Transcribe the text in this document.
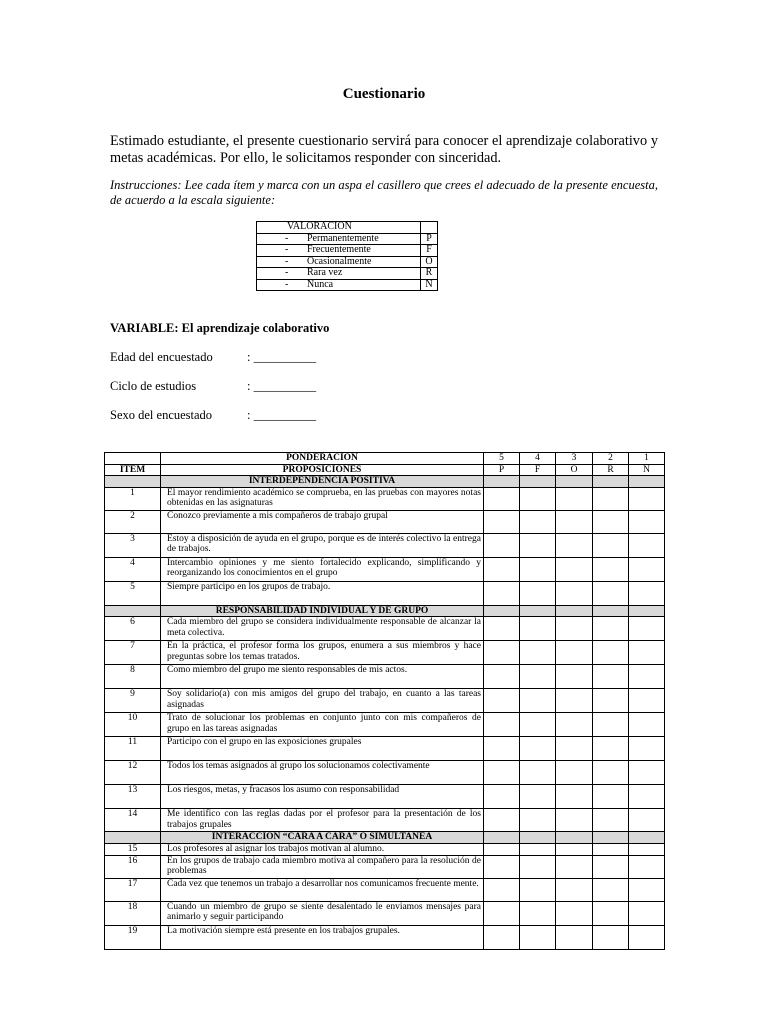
Cuestionario
Estimado estudiante, el presente cuestionario servirá para conocer el aprendizaje colaborativo y metas académicas. Por ello, le solicitamos responder con sinceridad.
Instrucciones: Lee cada ítem y marca con un aspa el casillero que crees el adecuado de la presente encuesta, de acuerdo a la escala siguiente:
VALORACION	
- Permanentemente	P
- Frecuentemente	F
- Ocasionalmente	O
- Rara vez	R
- Nunca	N
VARIABLE: El aprendizaje colaborativo
Edad del encuestado	: __________
Ciclo de estudios	: __________
Sexo del encuestado	: __________
	PONDERACION	5	4	3	2	1
ITEM	PROPOSICIONES	P	F	O	R	N
	INTERDEPENDENCIA POSITIVA					
1	El mayor rendimiento académico se comprueba, en las pruebas con mayores notas obtenidas en las asignaturas					
2	Conozco previamente a mis compañeros de trabajo grupal					
3	Estoy a disposición de ayuda en el grupo, porque es de interés colectivo la entrega de trabajos.					
4	Intercambio opiniones y me siento fortalecido explicando, simplificando y reorganizando los conocimientos en el grupo					
5	Siempre participo en los grupos de trabajo.					
	RESPONSABILIDAD INDIVIDUAL Y DE GRUPO					
6	Cada miembro del grupo se considera individualmente responsable de alcanzar la meta colectiva.					
7	En la práctica, el profesor forma los grupos, enumera a sus miembros y hace preguntas sobre los temas tratados.					
8	Como miembro del grupo me siento responsables de mis actos.					
9	Soy solidario(a) con mis amigos del grupo del trabajo, en cuanto a las tareas asignadas					
10	Trato de solucionar los problemas en conjunto junto con mis compañeros de grupo en las tareas asignadas					
11	Participo con el grupo en las exposiciones grupales					
12	Todos los temas asignados al grupo los solucionamos colectivamente					
13	Los riesgos, metas, y fracasos los asumo con responsabilidad					
14	Me identifico con las reglas dadas por el profesor para la presentación de los trabajos grupales					
	INTERACCION “CARA A CARA” O SIMULTANEA					
15	Los profesores al asignar los trabajos motivan al alumno.					
16	En los grupos de trabajo cada miembro motiva al compañero para la resolución de problemas					
17	Cada vez que tenemos un trabajo a desarrollar nos comunicamos frecuente mente.					
18	Cuando un miembro de grupo se siente desalentado le enviamos mensajes para animarlo y seguir participando					
19	La motivación siempre está presente en los trabajos grupales.					
